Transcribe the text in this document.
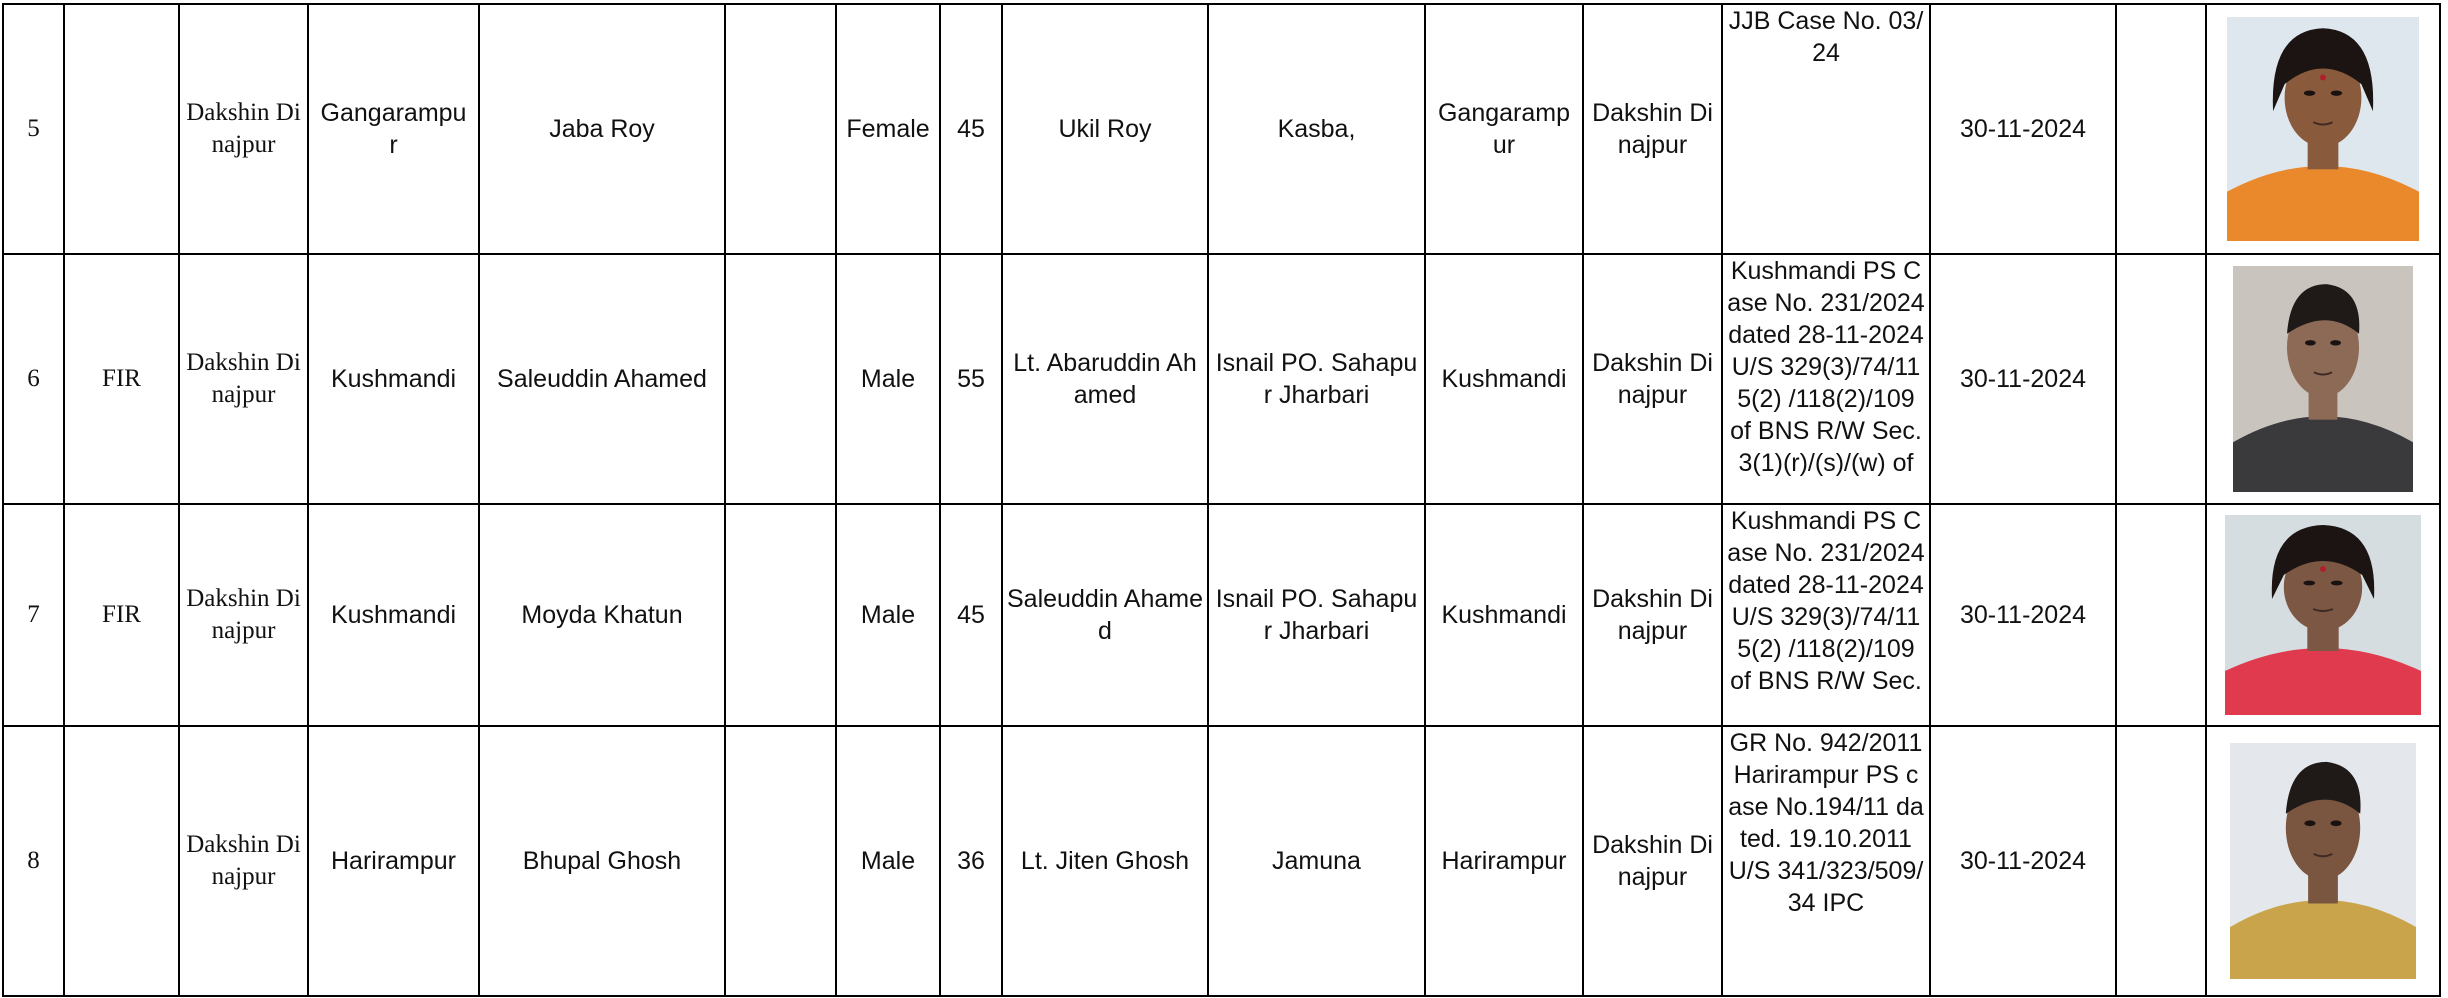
5		Dakshin Dinajpur	Gangarampu r	Jaba Roy		Female	45	Ukil Roy	Kasba,	Gangaramp ur	Dakshin Dinajpur	JJB Case No. 03/24	30-11-2024		

6	FIR	Dakshin Dinajpur	Kushmandi	Saleuddin Ahamed		Male	55	Lt. Abaruddin Ahamed	Isnail PO. Sahapur Jharbari	Kushmandi	Dakshin Dinajpur	Kushmandi PS Case No. 231/2024 dated 28-11-2024 U/S 329(3)/74/115(2) /118(2)/109 of BNS R/W Sec. 3(1)(r)/(s)/(w) of	30-11-2024		

7	FIR	Dakshin Dinajpur	Kushmandi	Moyda Khatun		Male	45	Saleuddin Ahamed	Isnail PO. Sahapur Jharbari	Kushmandi	Dakshin Dinajpur	Kushmandi PS Case No. 231/2024 dated 28-11-2024 U/S 329(3)/74/115(2) /118(2)/109 of BNS R/W Sec.	30-11-2024		

8		Dakshin Dinajpur	Harirampur	Bhupal Ghosh		Male	36	Lt. Jiten Ghosh	Jamuna	Harirampur	Dakshin Dinajpur	GR No. 942/2011 Harirampur PS case No.194/11 dated. 19.10.2011 U/S 341/323/509/34 IPC	30-11-2024		
